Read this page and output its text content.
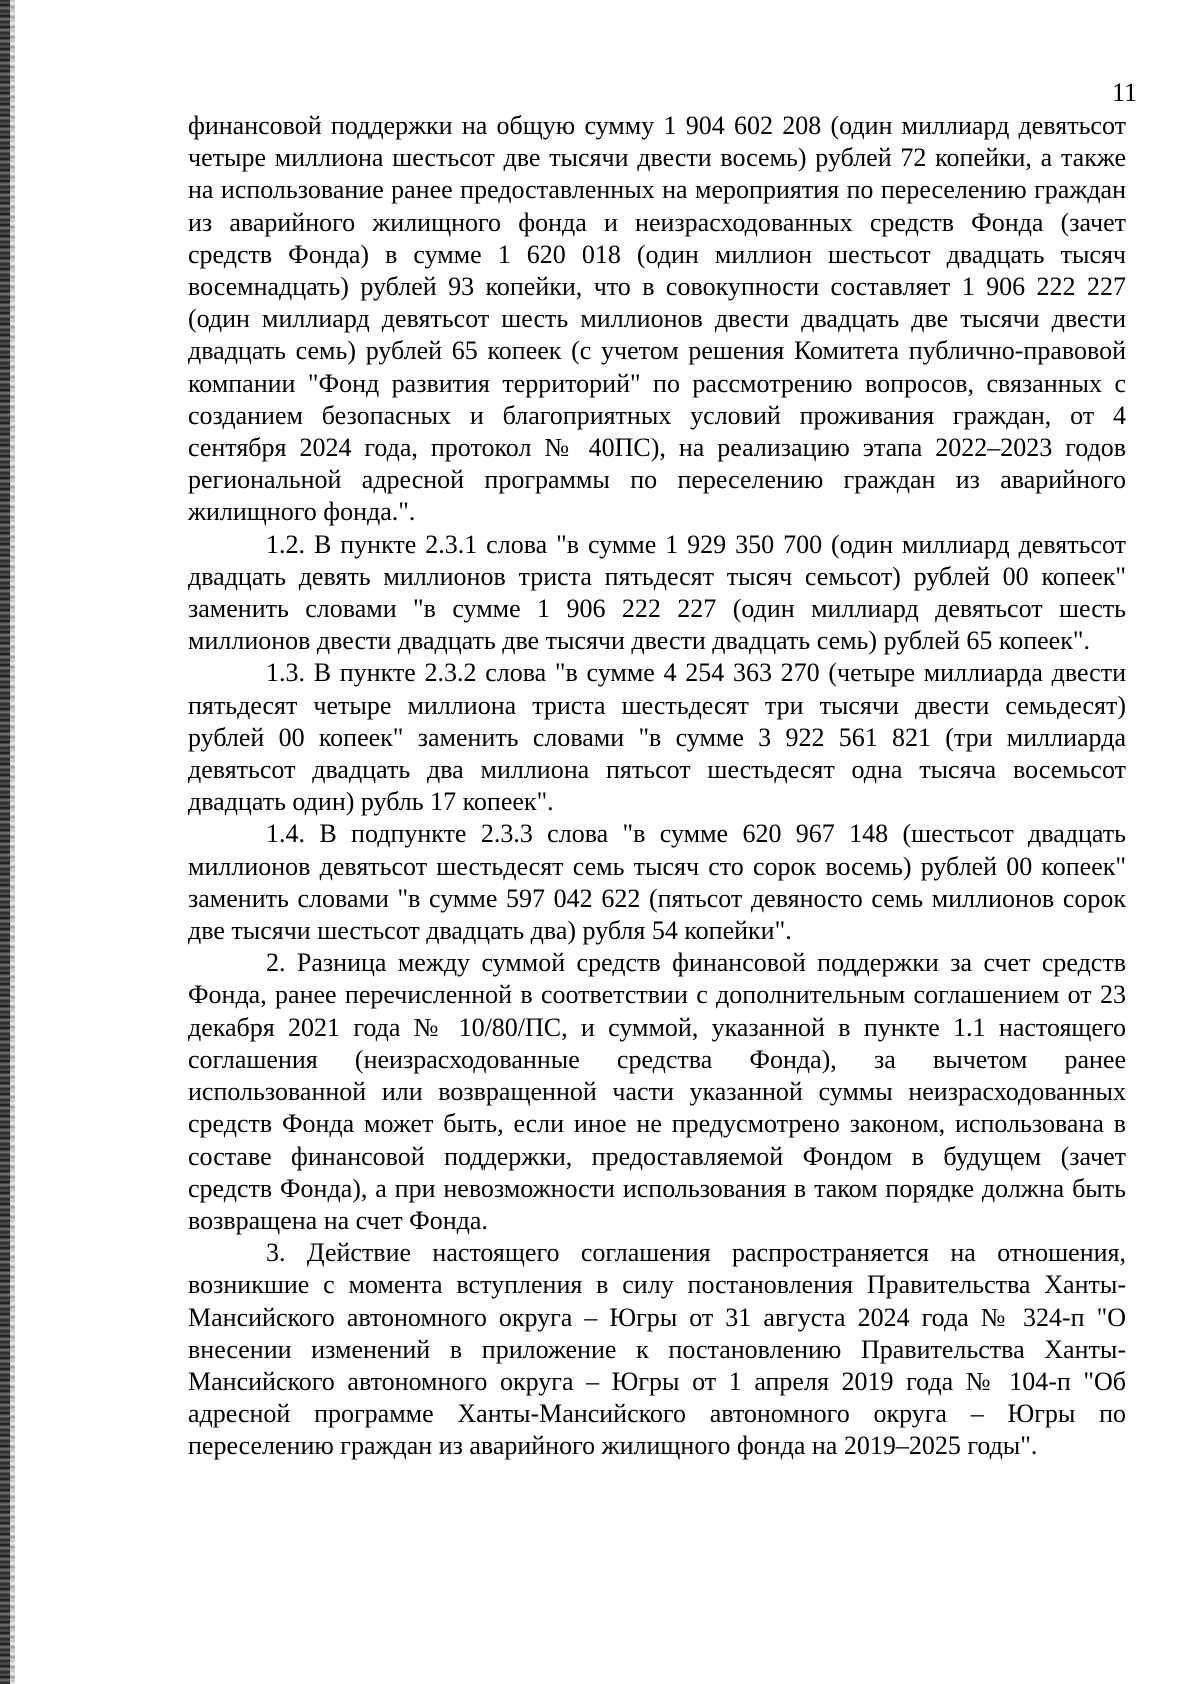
11

финансовой поддержки на общую сумму 1 904 602 208 (один миллиард девятьсот четыре миллиона шестьсот две тысячи двести восемь) рублей 72 копейки, а также на использование ранее предоставленных на мероприятия по переселению граждан из аварийного жилищного фонда и неизрасходованных средств Фонда (зачет средств Фонда) в сумме 1 620 018 (один миллион шестьсот двадцать тысяч восемнадцать) рублей 93 копейки, что в совокупности составляет 1 906 222 227 (один миллиард девятьсот шесть миллионов двести двадцать две тысячи двести двадцать семь) рублей 65 копеек (с учетом решения Комитета публично-правовой компании "Фонд развития территорий" по рассмотрению вопросов, связанных с созданием безопасных и благоприятных условий проживания граждан, от 4 сентября 2024 года, протокол № 40ПС), на реализацию этапа 2022–2023 годов региональной адресной программы по переселению граждан из аварийного жилищного фонда.".

1.2. В пункте 2.3.1 слова "в сумме 1 929 350 700 (один миллиард девятьсот двадцать девять миллионов триста пятьдесят тысяч семьсот) рублей 00 копеек" заменить словами "в сумме 1 906 222 227 (один миллиард девятьсот шесть миллионов двести двадцать две тысячи двести двадцать семь) рублей 65 копеек".

1.3. В пункте 2.3.2 слова "в сумме 4 254 363 270 (четыре миллиарда двести пятьдесят четыре миллиона триста шестьдесят три тысячи двести семьдесят) рублей 00 копеек" заменить словами "в сумме 3 922 561 821 (три миллиарда девятьсот двадцать два миллиона пятьсот шестьдесят одна тысяча восемьсот двадцать один) рубль 17 копеек".

1.4. В подпункте 2.3.3 слова "в сумме 620 967 148 (шестьсот двадцать миллионов девятьсот шестьдесят семь тысяч сто сорок восемь) рублей 00 копеек" заменить словами "в сумме 597 042 622 (пятьсот девяносто семь миллионов сорок две тысячи шестьсот двадцать два) рубля 54 копейки".

2. Разница между суммой средств финансовой поддержки за счет средств Фонда, ранее перечисленной в соответствии с дополнительным соглашением от 23 декабря 2021 года № 10/80/ПС, и суммой, указанной в пункте 1.1 настоящего соглашения (неизрасходованные средства Фонда), за вычетом ранее использованной или возвращенной части указанной суммы неизрасходованных средств Фонда может быть, если иное не предусмотрено законом, использована в составе финансовой поддержки, предоставляемой Фондом в будущем (зачет средств Фонда), а при невозможности использования в таком порядке должна быть возвращена на счет Фонда.

3. Действие настоящего соглашения распространяется на отношения, возникшие с момента вступления в силу постановления Правительства Ханты-Мансийского автономного округа – Югры от 31 августа 2024 года № 324-п "О внесении изменений в приложение к постановлению Правительства Ханты-Мансийского автономного округа – Югры от 1 апреля 2019 года № 104-п "Об адресной программе Ханты-Мансийского автономного округа – Югры по переселению граждан из аварийного жилищного фонда на 2019–2025 годы".
